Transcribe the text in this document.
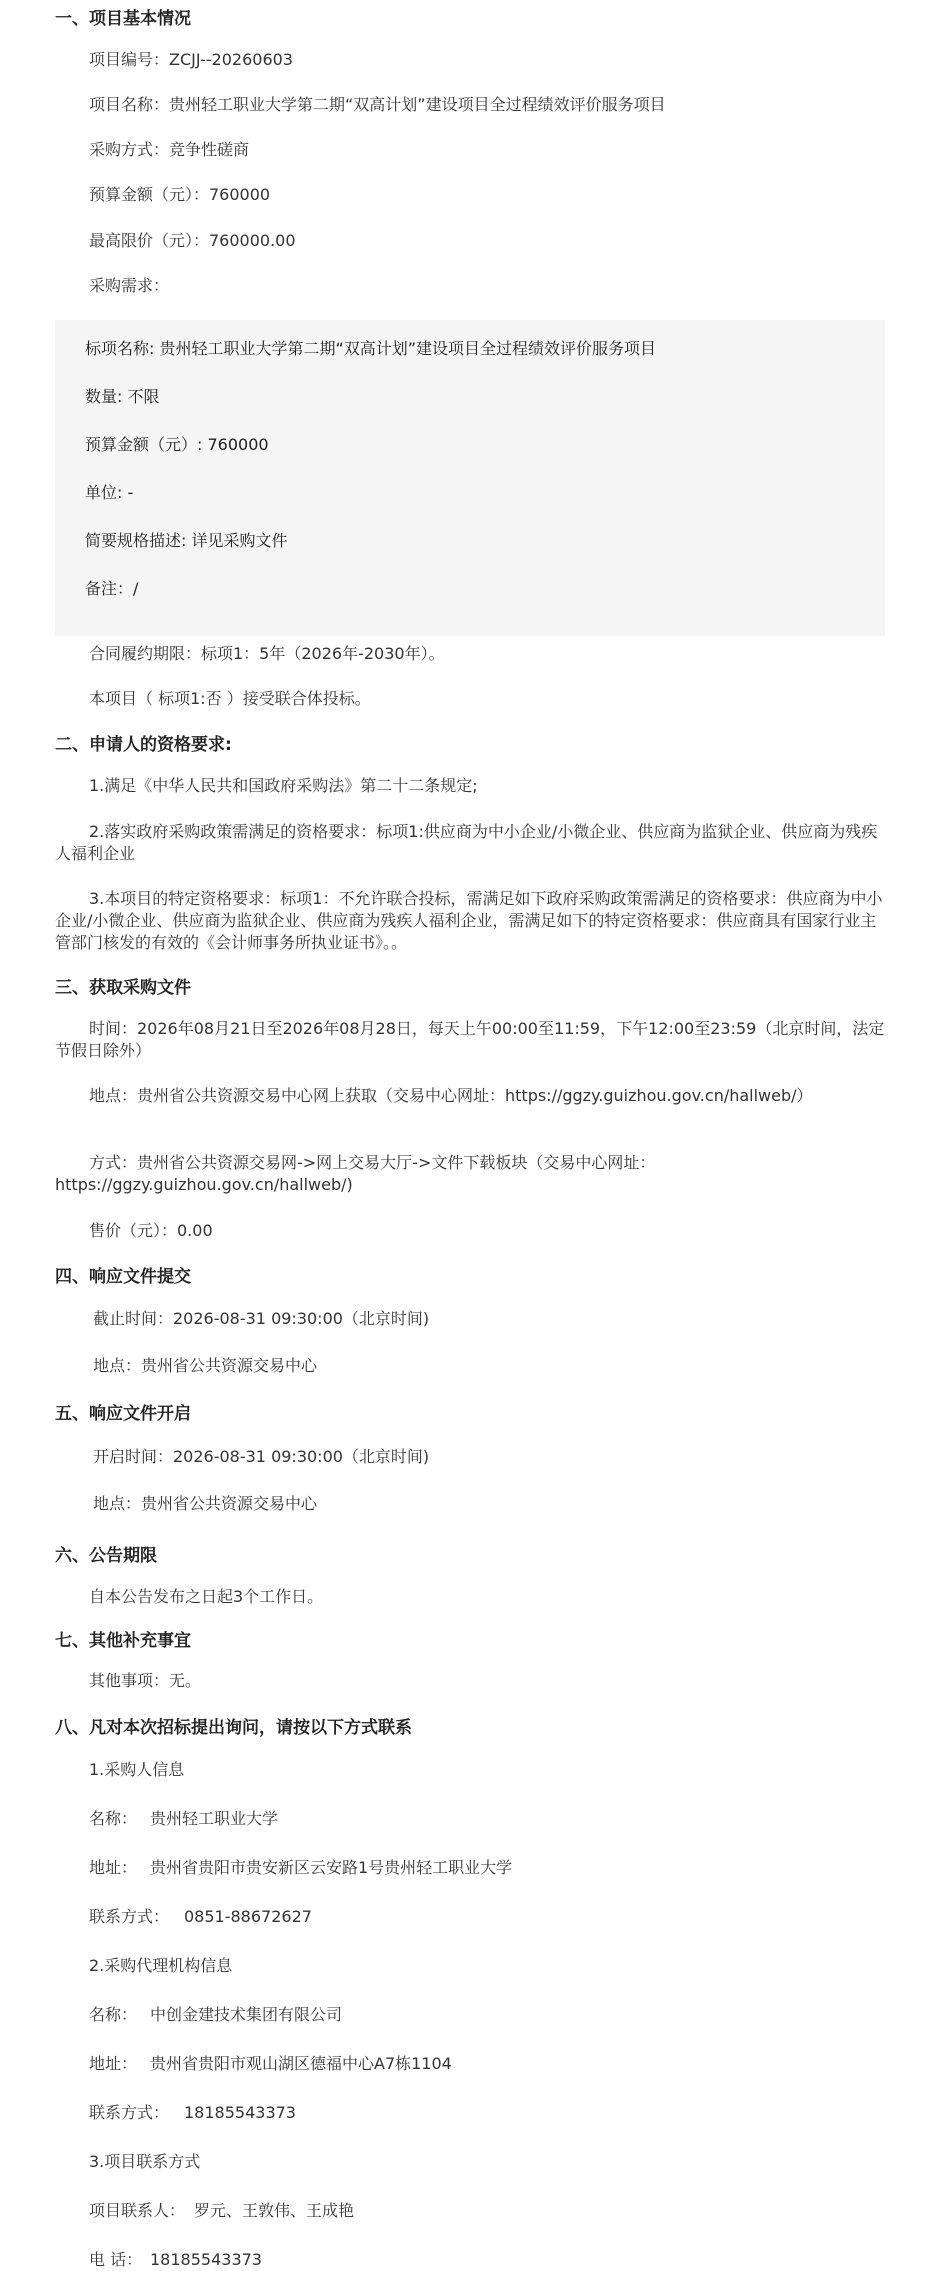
一、项目基本情况
项目编号：ZCJJ--20260603
项目名称：贵州轻工职业大学第二期“双高计划”建设项目全过程绩效评价服务项目
采购方式：竞争性磋商
预算金额（元）：760000
最高限价（元）：760000.00
采购需求：
标项名称: 贵州轻工职业大学第二期“双高计划”建设项目全过程绩效评价服务项目
数量: 不限
预算金额（元）: 760000
单位: -
简要规格描述: 详见采购文件
备注：/
合同履约期限：标项1：5年（2026年-2030年）。
本项目（ 标项1:否 ）接受联合体投标。
二、申请人的资格要求:
1.满足《中华人民共和国政府采购法》第二十二条规定;
2.落实政府采购政策需满足的资格要求：标项1:供应商为中小企业/小微企业、供应商为监狱企业、供应商为残疾人福利企业
3.本项目的特定资格要求：标项1：不允许联合投标，需满足如下政府采购政策需满足的资格要求：供应商为中小企业/小微企业、供应商为监狱企业、供应商为残疾人福利企业，需满足如下的特定资格要求：供应商具有国家行业主管部门核发的有效的《会计师事务所执业证书》。。
三、获取采购文件
时间：2026年08月21日至2026年08月28日，每天上午00:00至11:59，下午12:00至23:59（北京时间，法定节假日除外）
地点：贵州省公共资源交易中心网上获取（交易中心网址：https://ggzy.guizhou.gov.cn/hallweb/）
方式：贵州省公共资源交易网->网上交易大厅->文件下载板块（交易中心网址：https://ggzy.guizhou.gov.cn/hallweb/)
售价（元）：0.00
四、响应文件提交
截止时间：2026-08-31 09:30:00（北京时间)
地点：贵州省公共资源交易中心
五、响应文件开启
开启时间：2026-08-31 09:30:00（北京时间)
地点：贵州省公共资源交易中心
六、公告期限
自本公告发布之日起3个工作日。
七、其他补充事宜
其他事项：无。
八、凡对本次招标提出询问，请按以下方式联系
1.采购人信息
名称： 贵州轻工职业大学
地址： 贵州省贵阳市贵安新区云安路1号贵州轻工职业大学
联系方式： 0851-88672627
2.采购代理机构信息
名称： 中创金建技术集团有限公司
地址： 贵州省贵阳市观山湖区德福中心A7栋1104
联系方式： 18185543373
3.项目联系方式
项目联系人： 罗元、王敦伟、王成艳
电 话： 18185543373
